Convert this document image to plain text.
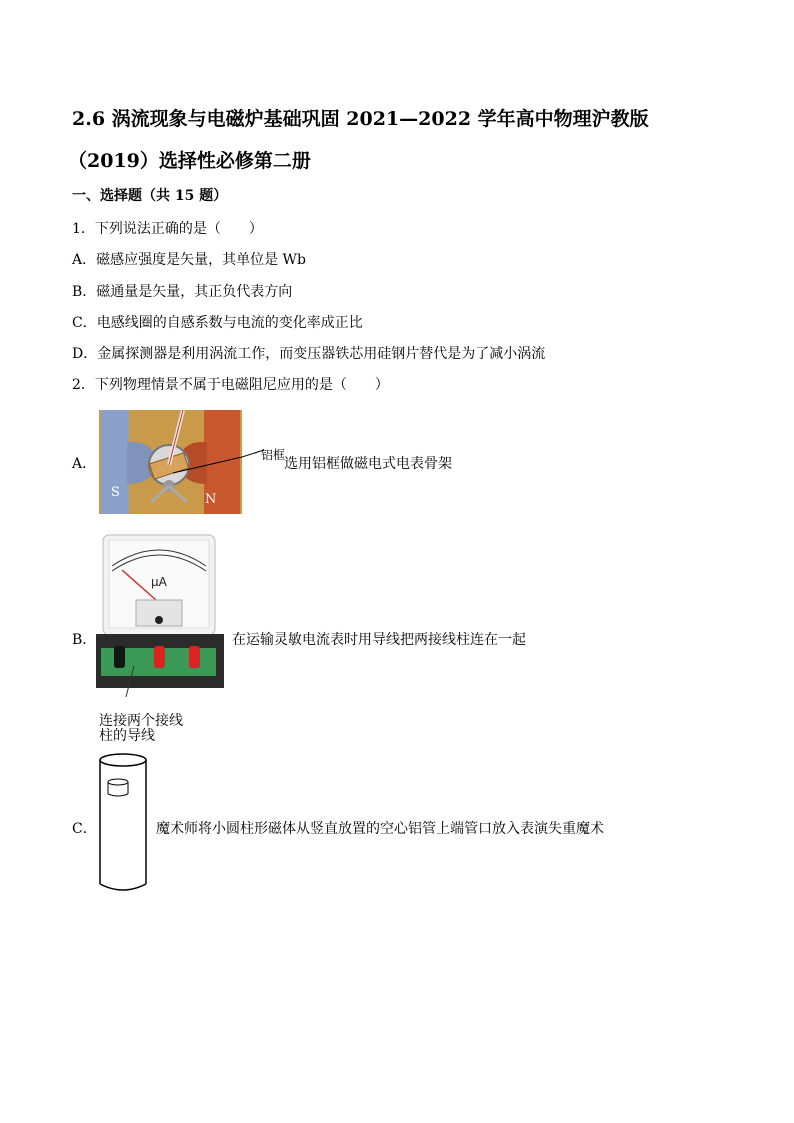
2.6 涡流现象与电磁炉基础巩固 2021—2022 学年高中物理沪教版
（2019）选择性必修第二册
一、选择题（共 15 题）
1．下列说法正确的是（　　）
A．磁感应强度是矢量，其单位是 Wb
B．磁通量是矢量，其正负代表方向
C．电感线圈的自感系数与电流的变化率成正比
D．金属探测器是利用涡流工作，而变压器铁芯用硅钢片替代是为了减小涡流
2．下列物理情景不属于电磁阻尼应用的是（　　）
A．
S	N
铝框
选用铝框做磁电式电表骨架
B．
μA
在运输灵敏电流表时用导线把两接线柱连在一起
连接两个接线
柱的导线
C．	魔术师将小圆柱形磁体从竖直放置的空心铝管上端管口放入表演失重魔术
